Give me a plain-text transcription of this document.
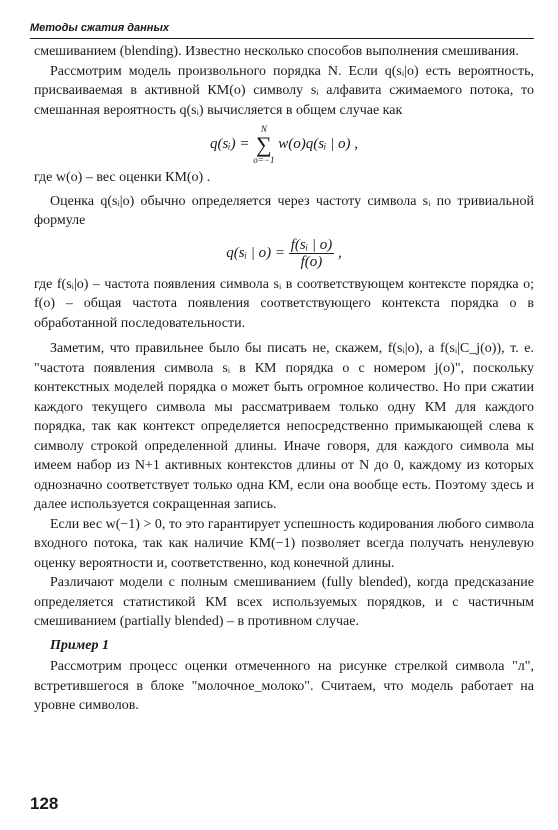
Методы сжатия данных

смешиванием (blending). Известно несколько способов выполнения смешивания.

Рассмотрим модель произвольного порядка N. Если q(sᵢ|o) есть вероятность, присваиваемая в активной КМ(o) символу sᵢ алфавита сжимаемого потока, то смешанная вероятность q(sᵢ) вычисляется в общем случае как

q(sᵢ) =
N
∑
o=−1
w(o)q(sᵢ | o) ,

где w(o) – вес оценки КМ(o) .

Оценка q(sᵢ|o) обычно определяется через частоту символа sᵢ по тривиальной формуле

q(sᵢ | $o) = \frac{\text{f(sᵢ | o)}}{f(o)}$ ,

где f(sᵢ|o) – частота появления символа sᵢ в соответствующем контексте порядка o; f(o) – общая частота появления соответствующего контекста порядка o в обработанной последовательности.

Заметим, что правильнее было бы писать не, скажем, f(sᵢ|o), а f(sᵢ|C_j(o)), т. е. "частота появления символа sᵢ в КМ порядка o с номером j(o)", поскольку контекстных моделей порядка o может быть огромное количество. Но при сжатии каждого текущего символа мы рассматриваем только одну КМ для каждого порядка, так как контекст определяется непосредственно примыкающей слева к символу строкой определенной длины. Иначе говоря, для каждого символа мы имеем набор из N+1 активных контекстов длины от N до 0, каждому из которых однозначно соответствует только одна КМ, если она вообще есть. Поэтому здесь и далее используется сокращенная запись.

Если вес w(−1) > 0, то это гарантирует успешность кодирования любого символа входного потока, так как наличие КМ(−1) позволяет всегда получать ненулевую оценку вероятности и, соответственно, код конечной длины.

Различают модели с полным смешиванием (fully blended), когда предсказание определяется статистикой КМ всех используемых порядков, и с частичным смешиванием (partially blended) – в противном случае.

Пример 1

Рассмотрим процесс оценки отмеченного на рисунке стрелкой символа "л", встретившегося в блоке "молочное_молоко". Считаем, что модель работает на уровне символов.

128
